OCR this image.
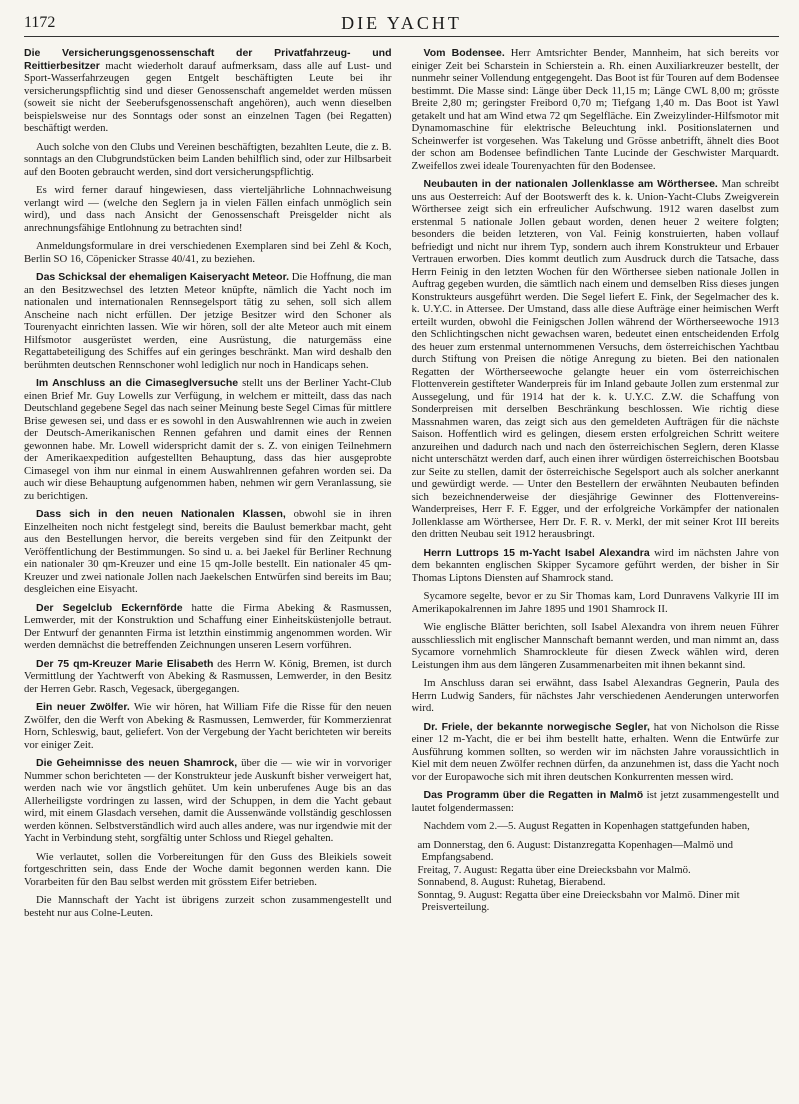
1172	DIE YACHT

Die Versicherungsgenossenschaft der Privatfahrzeug- und Reittierbesitzer macht wiederholt darauf aufmerksam, dass alle auf Lust- und Sport-Wasserfahrzeugen gegen Entgelt beschäftigten Leute bei ihr versicherungspflichtig sind und dieser Genossenschaft angemeldet werden müssen (soweit sie nicht der Seeberufsgenossenschaft angehören), auch wenn dieselben beispielsweise nur des Sonntags oder sonst an einzelnen Tagen (bei Regatten) beschäftigt werden.

Auch solche von den Clubs und Vereinen beschäftigten, bezahlten Leute, die z. B. sonntags an den Clubgrundstücken beim Landen behilflich sind, oder zur Hilbsarbeit auf den Booten gebraucht werden, sind dort versicherungspflichtig.

Es wird ferner darauf hingewiesen, dass vierteljährliche Lohnnachweisung verlangt wird — (welche den Seglern ja in vielen Fällen einfach unmöglich sein wird), und dass nach Ansicht der Genossenschaft Preisgelder nicht als anrechnungsfähige Entlohnung zu betrachten sind!

Anmeldungsformulare in drei verschiedenen Exemplaren sind bei Zehl & Koch, Berlin SO 16, Cöpenicker Strasse 40/41, zu beziehen.

Das Schicksal der ehemaligen Kaiseryacht Meteor. Die Hoffnung, die man an den Besitzwechsel des letzten Meteor knüpfte, nämlich die Yacht noch im nationalen und internationalen Rennsegelsport tätig zu sehen, soll sich allem Anscheine nach nicht erfüllen. Der jetzige Besitzer wird den Schoner als Tourenyacht einrichten lassen. Wie wir hören, soll der alte Meteor auch mit einem Hilfsmotor ausgerüstet werden, eine Ausrüstung, die naturgemäss eine Regattabeteiligung des Schiffes auf ein geringes beschränkt. Man wird deshalb den berühmten deutschen Rennschoner wohl lediglich nur noch in Handicaps sehen.

Im Anschluss an die Cimaseglversuche stellt uns der Berliner Yacht-Club einen Brief Mr. Guy Lowells zur Verfügung, in welchem er mitteilt, dass das nach Deutschland gegebene Segel das nach seiner Meinung beste Segel Cimas für mittlere Brise gewesen sei, und dass er es sowohl in den Auswahlrennen wie auch in zweien der Deutsch-Amerikanischen Rennen gefahren und damit eines der Rennen gewonnen habe. Mr. Lowell widerspricht damit der s. Z. von einigen Teilnehmern der Amerikaexpedition aufgestellten Behauptung, dass das hier ausgeprobte Cimasegel von ihm nur einmal in einem Auswahlrennen gefahren worden sei. Da auch wir diese Behauptung aufgenommen haben, nehmen wir gern Veranlassung, sie zu berichtigen.

Dass sich in den neuen Nationalen Klassen, obwohl sie in ihren Einzelheiten noch nicht festgelegt sind, bereits die Baulust bemerkbar macht, geht aus den Bestellungen hervor, die bereits vergeben sind für den Zeitpunkt der Veröffentlichung der Bestimmungen. So sind u. a. bei Jaekel für Berliner Rechnung ein nationaler 30 qm-Kreuzer und eine 15 qm-Jolle bestellt. Ein nationaler 45 qm-Kreuzer und zwei nationale Jollen nach Jaekelschen Entwürfen sind bereits im Bau; desgleichen eine Eisyacht.

Der Segelclub Eckernförde hatte die Firma Abeking & Rasmussen, Lemwerder, mit der Konstruktion und Schaffung einer Einheitsküstenjolle betraut. Der Entwurf der genannten Firma ist letzthin einstimmig angenommen worden. Wir werden demnächst die betreffenden Zeichnungen unseren Lesern vorführen.

Der 75 qm-Kreuzer Marie Elisabeth des Herrn W. König, Bremen, ist durch Vermittlung der Yachtwerft von Abeking & Rasmussen, Lemwerder, in den Besitz der Herren Gebr. Rasch, Vegesack, übergegangen.

Ein neuer Zwölfer. Wie wir hören, hat William Fife die Risse für den neuen Zwölfer, den die Werft von Abeking & Rasmussen, Lemwerder, für Kommerzienrat Horn, Schleswig, baut, geliefert. Von der Vergebung der Yacht berichteten wir bereits vor einiger Zeit.

Die Geheimnisse des neuen Shamrock, über die — wie wir in vorvoriger Nummer schon berichteten — der Konstrukteur jede Auskunft bisher verweigert hat, werden nach wie vor ängstlich gehütet. Um kein unberufenes Auge bis an das Allerheiligste vordringen zu lassen, wird der Schuppen, in dem die Yacht gebaut wird, mit einem Glasdach versehen, damit die Aussenwände vollständig geschlossen werden können. Selbstverständlich wird auch alles andere, was nur irgendwie mit der Yacht in Verbindung steht, sorgfältig unter Schloss und Riegel gehalten.

Wie verlautet, sollen die Vorbereitungen für den Guss des Bleikiels soweit fortgeschritten sein, dass Ende der Woche damit begonnen werden kann. Die Vorarbeiten für den Bau selbst werden mit grösstem Eifer betrieben.

Die Mannschaft der Yacht ist übrigens zurzeit schon zusammengestellt und besteht nur aus Colne-Leuten.

Vom Bodensee. Herr Amtsrichter Bender, Mannheim, hat sich bereits vor einiger Zeit bei Scharstein in Schierstein a. Rh. einen Auxiliarkreuzer bestellt, der nunmehr seiner Vollendung entgegengeht. Das Boot ist für Touren auf dem Bodensee bestimmt. Die Masse sind: Länge über Deck 11,15 m; Länge CWL 8,00 m; grösste Breite 2,80 m; geringster Freibord 0,70 m; Tiefgang 1,40 m. Das Boot ist Yawl getakelt und hat am Wind etwa 72 qm Segelfläche. Ein Zweizylinder-Hilfsmotor mit Dynamomaschine für elektrische Beleuchtung inkl. Positionslaternen und Scheinwerfer ist vorgesehen. Was Takelung und Grösse anbetrifft, ähnelt dies Boot der schon am Bodensee befindlichen Tante Lucinde der Geschwister Marquardt. Zweifellos zwei ideale Tourenyachten für den Bodensee.

Neubauten in der nationalen Jollenklasse am Wörthersee. Man schreibt uns aus Oesterreich: Auf der Bootswerft des k. k. Union-Yacht-Clubs Zweigverein Wörthersee zeigt sich ein erfreulicher Aufschwung. 1912 waren daselbst zum erstenmal 5 nationale Jollen gebaut worden, denen heuer 2 weitere folgten; besonders die beiden letzteren, von Val. Feinig konstruierten, haben vollauf befriedigt und nicht nur ihrem Typ, sondern auch ihrem Konstrukteur und Erbauer Vertrauen erworben. Dies kommt deutlich zum Ausdruck durch die Tatsache, dass Herrn Feinig in den letzten Wochen für den Wörthersee sieben nationale Jollen in Auftrag gegeben wurden, die sämtlich nach einem und demselben Riss dieses jungen Konstrukteurs ausgeführt werden. Die Segel liefert E. Fink, der Segelmacher des k. k. U.Y.C. in Attersee. Der Umstand, dass alle diese Aufträge einer heimischen Werft erteilt wurden, obwohl die Feinigschen Jollen während der Wörtherseewoche 1913 den Schlichtingschen nicht gewachsen waren, bedeutet einen entscheidenden Erfolg des heuer zum erstenmal unternommenen Versuchs, dem österreichischen Yachtbau durch Stiftung von Preisen die nötige Anregung zu bieten. Bei den nationalen Regatten der Wörtherseewoche gelangte heuer ein vom österreichischen Flottenverein gestifteter Wanderpreis für im Inland gebaute Jollen zum erstenmal zur Aussegelung, und für 1914 hat der k. k. U.Y.C. Z.W. die Schaffung von Sonderpreisen mit derselben Beschränkung beschlossen. Wie richtig diese Massnahmen waren, das zeigt sich aus den gemeldeten Aufträgen für die nächste Saison. Hoffentlich wird es gelingen, diesem ersten erfolgreichen Schritt weitere anzureihen und dadurch nach und nach den österreichischen Seglern, deren Klasse nicht unterschätzt werden darf, auch einen ihrer würdigen österreichischen Bootsbau zur Seite zu stellen, damit der österreichische Segelsport auch als solcher anerkannt und gewürdigt werde. — Unter den Bestellern der erwähnten Neubauten befinden sich bezeichnenderweise der diesjährige Gewinner des Flottenvereins-Wanderpreises, Herr F. F. Egger, und der erfolgreiche Vorkämpfer der nationalen Jollenklasse am Wörthersee, Herr Dr. F. R. v. Merkl, der mit seiner Krot III bereits den dritten Neubau seit 1912 herausbringt.

Herrn Luttrops 15 m-Yacht Isabel Alexandra wird im nächsten Jahre von dem bekannten englischen Skipper Sycamore geführt werden, der bisher in Sir Thomas Liptons Diensten auf Shamrock stand.

Sycamore segelte, bevor er zu Sir Thomas kam, Lord Dunravens Valkyrie III im Amerikapokalrennen im Jahre 1895 und 1901 Shamrock II.

Wie englische Blätter berichten, soll Isabel Alexandra von ihrem neuen Führer ausschliesslich mit englischer Mannschaft bemannt werden, und man nimmt an, dass Sycamore vornehmlich Shamrockleute für diesen Zweck wählen wird, deren Leistungen ihm aus dem längeren Zusammenarbeiten mit ihnen bekannt sind.

Im Anschluss daran sei erwähnt, dass Isabel Alexandras Gegnerin, Paula des Herrn Ludwig Sanders, für nächstes Jahr verschiedenen Aenderungen unterworfen wird.

Dr. Friele, der bekannte norwegische Segler, hat von Nicholson die Risse einer 12 m-Yacht, die er bei ihm bestellt hatte, erhalten. Wenn die Entwürfe zur Ausführung kommen sollten, so werden wir im nächsten Jahre voraussichtlich in Kiel mit dem neuen Zwölfer rechnen dürfen, da anzunehmen ist, dass die Yacht noch vor der Europawoche sich mit ihren deutschen Konkurrenten messen wird.

Das Programm über die Regatten in Malmö ist jetzt zusammengestellt und lautet folgendermassen:

Nachdem vom 2.—5. August Regatten in Kopenhagen stattgefunden haben,

am Donnerstag, den 6. August: Distanzregatta Kopenhagen—Malmö und Empfangsabend.

Freitag, 7. August: Regatta über eine Dreiecksbahn vor Malmö.

Sonnabend, 8. August: Ruhetag, Bierabend.

Sonntag, 9. August: Regatta über eine Dreiecksbahn vor Malmö. Diner mit Preisverteilung.
